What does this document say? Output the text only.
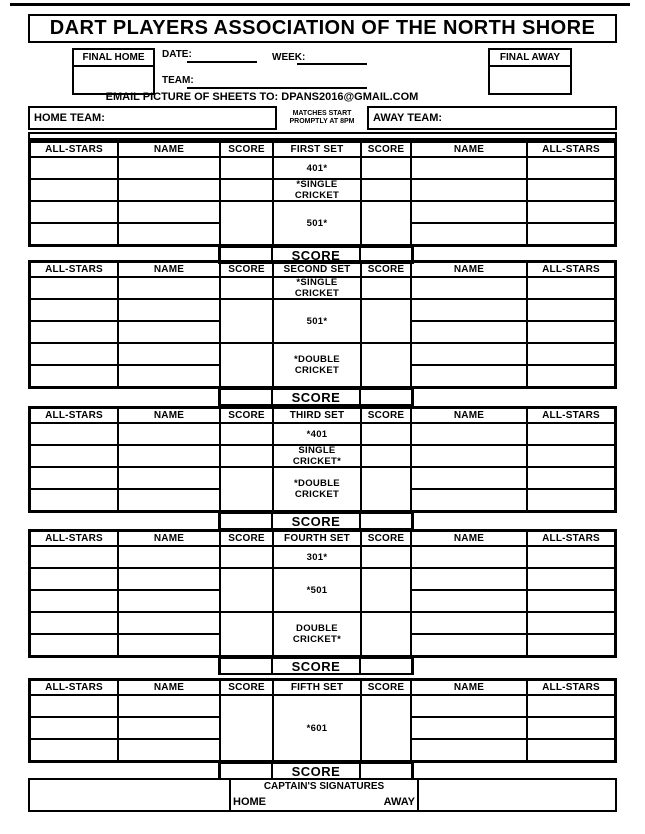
DART PLAYERS ASSOCIATION OF THE NORTH SHORE
FINAL HOME	FINAL AWAY
DATE:	WEEK:
TEAM:
EMAIL PICTURE OF SHEETS TO: DPANS2016@GMAIL.COM
HOME TEAM:	MATCHES START
PROMPTLY AT 8PM	AWAY TEAM:
ALL-STARS	NAME	SCORE	FIRST SET	SCORE	NAME	ALL-STARS
401*
*SINGLE CRICKET
501*
SCORE
ALL-STARS	NAME	SCORE	SECOND SET	SCORE	NAME	ALL-STARS
*SINGLE CRICKET
501*
*DOUBLE CRICKET
SCORE
ALL-STARS	NAME	SCORE	THIRD SET	SCORE	NAME	ALL-STARS
*401
SINGLE CRICKET*
*DOUBLE CRICKET
SCORE
ALL-STARS	NAME	SCORE	FOURTH SET	SCORE	NAME	ALL-STARS
301*
*501
DOUBLE CRICKET*
SCORE
ALL-STARS	NAME	SCORE	FIFTH SET	SCORE	NAME	ALL-STARS
*601
SCORE
CAPTAIN'S SIGNATURES
HOME	AWAY
